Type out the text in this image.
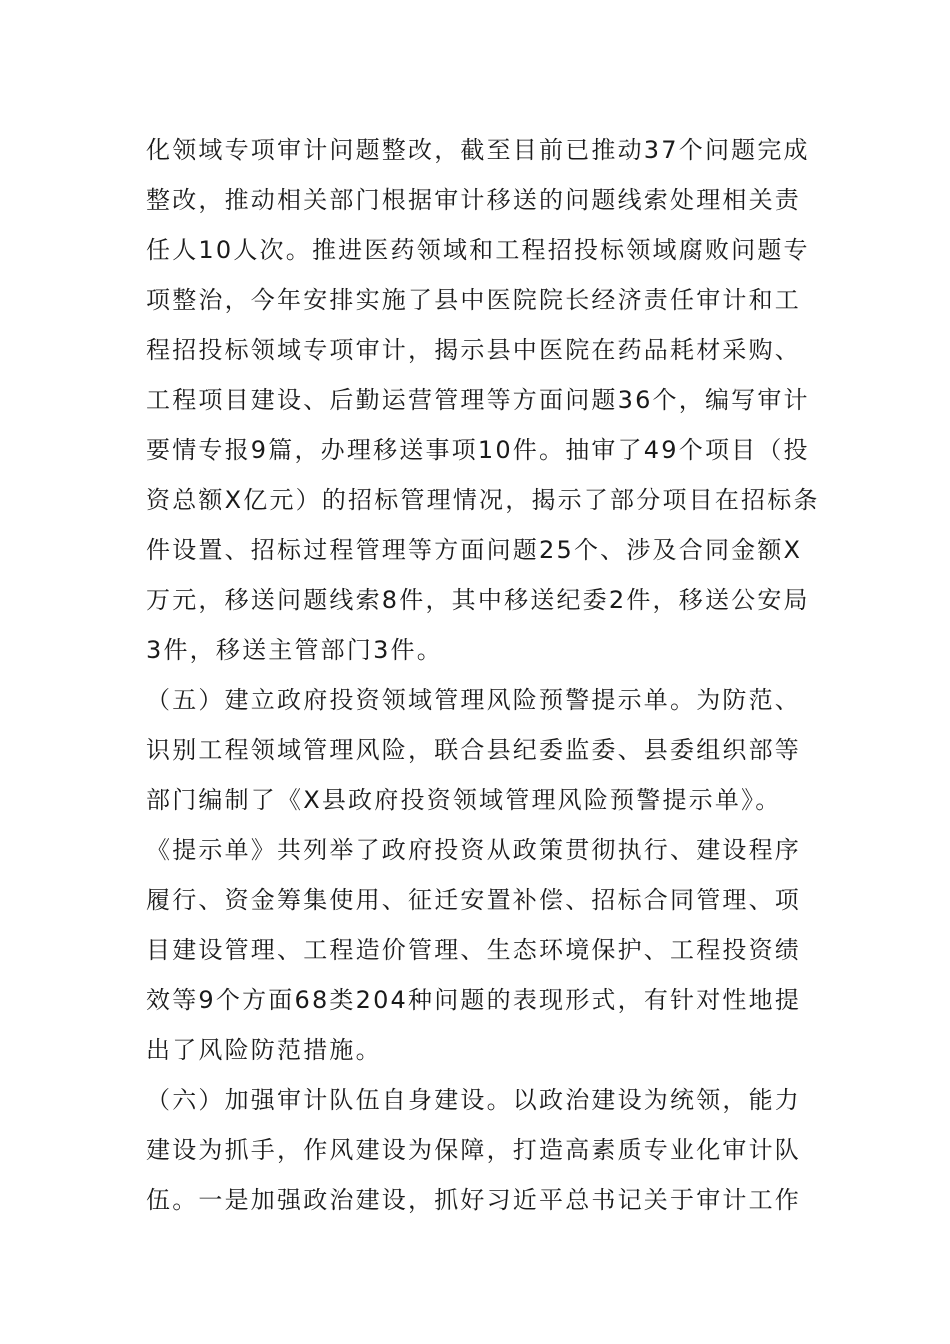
化领域专项审计问题整改，截至目前已推动37个问题完成

整改，推动相关部门根据审计移送的问题线索处理相关责

任人10人次。推进医药领域和工程招投标领域腐败问题专

项整治，今年安排实施了县中医院院长经济责任审计和工

程招投标领域专项审计，揭示县中医院在药品耗材采购、

工程项目建设、后勤运营管理等方面问题36个，编写审计

要情专报9篇，办理移送事项10件。抽审了49个项目（投

资总额X亿元）的招标管理情况，揭示了部分项目在招标条

件设置、招标过程管理等方面问题25个、涉及合同金额X

万元，移送问题线索8件，其中移送纪委2件，移送公安局

3件，移送主管部门3件。

（五）建立政府投资领域管理风险预警提示单。为防范、

识别工程领域管理风险，联合县纪委监委、县委组织部等

部门编制了《X县政府投资领域管理风险预警提示单》。

《提示单》共列举了政府投资从政策贯彻执行、建设程序

履行、资金筹集使用、征迁安置补偿、招标合同管理、项

目建设管理、工程造价管理、生态环境保护、工程投资绩

效等9个方面68类204种问题的表现形式，有针对性地提

出了风险防范措施。

（六）加强审计队伍自身建设。以政治建设为统领，能力

建设为抓手，作风建设为保障，打造高素质专业化审计队

伍。一是加强政治建设，抓好习近平总书记关于审计工作
